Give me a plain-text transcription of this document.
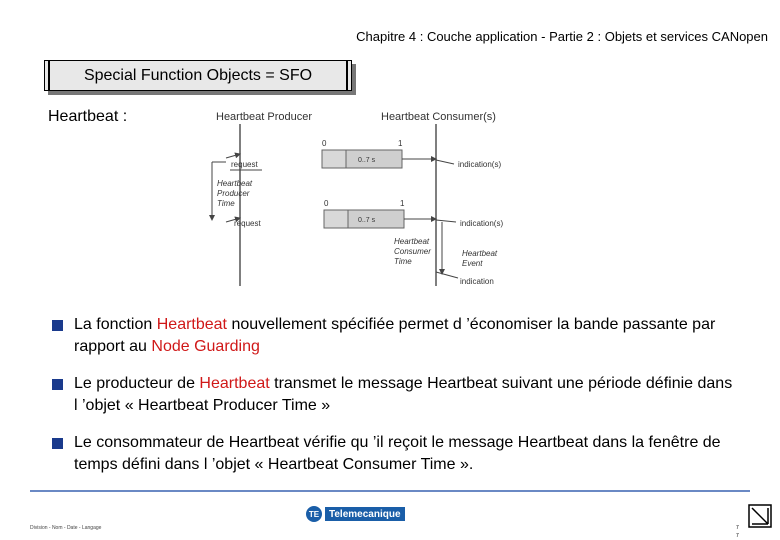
Chapitre 4 : Couche application - Partie 2 : Objets et services CANopen
Special Function Objects = SFO
Heartbeat :	Heartbeat Producer	Heartbeat Consumer(s)
request
Heartbeat
Producer
Time
request
0	1
0..7 s	indication(s)
0	1
0..7 s	indication(s)
Heartbeat
Consumer
Time
Heartbeat
Event
indication
La fonction Heartbeat nouvellement spécifiée permet d ’économiser la bande passante par rapport au Node Guarding
Le producteur de Heartbeat transmet le message Heartbeat suivant une période définie dans l ’objet « Heartbeat Producer Time »
Le consommateur de Heartbeat vérifie qu ’il reçoit le message Heartbeat dans la fenêtre de temps défini dans l ’objet « Heartbeat Consumer Time ».
Division - Nom - Date - Langage
TE Telemecanique
7
7
